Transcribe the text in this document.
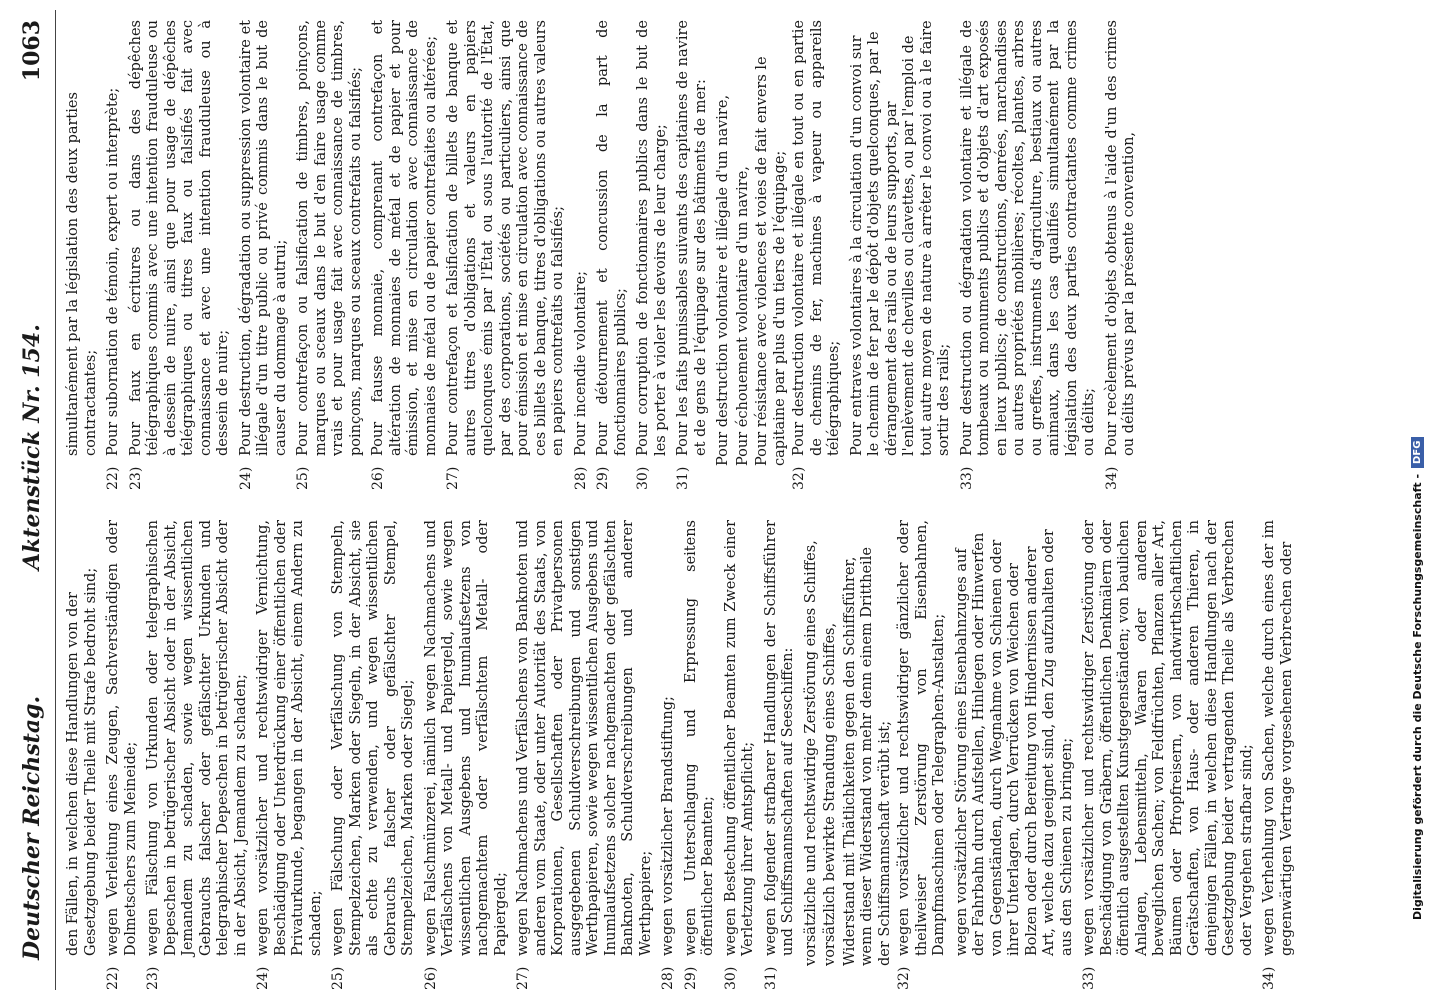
Deutscher Reichstag.
Aktenstück Nr. 154.
1063
den Fällen, in welchen diese Handlungen von der Gesetzgebung beider Theile mit Strafe bedroht sind;
22)
wegen Verleitung eines Zeugen, Sachverständigen oder Dolmetschers zum Meineide;
23)
wegen Fälschung von Urkunden oder telegraphischen Depeschen in betrügerischer Absicht oder in der Absicht, Jemandem zu schaden, sowie wegen wissentlichen Gebrauchs falscher oder gefälschter Urkunden und telegraphischer Depeschen in betrügerischer Absicht oder in der Absicht, Jemandem zu schaden;
24)
wegen vorsätzlicher und rechtswidriger Vernichtung, Beschädigung oder Unterdrückung einer öffentlichen oder Privaturkunde, begangen in der Absicht, einem Andern zu schaden;
25)
wegen Fälschung oder Verfälschung von Stempeln, Stempelzeichen, Marken oder Siegeln, in der Absicht, sie als echte zu verwenden, und wegen wissentlichen Gebrauchs falscher oder gefälschter Stempel, Stempelzeichen, Marken oder Siegel;
26)
wegen Falschmünzerei, nämlich wegen Nachmachens und Verfälschens von Metall- und Papiergeld, sowie wegen wissentlichen Ausgebens und Inumlaufsetzens von nachgemachtem oder verfälschtem Metall- oder Papiergeld;
27)
wegen Nachmachens und Verfälschens von Banknoten und anderen vom Staate, oder unter Autorität des Staats, von Korporationen, Gesellschaften oder Privatpersonen ausgegebenen Schuldverschreibungen und sonstigen Werthpapieren, sowie wegen wissentlichen Ausgebens und Inumlaufsetzens solcher nachgemachten oder gefälschten Banknoten, Schuldverschreibungen und anderer Werthpapiere;
28)
wegen vorsätzlicher Brandstiftung;
29)
wegen Unterschlagung und Erpressung seitens öffentlicher Beamten;
30)
wegen Bestechung öffentlicher Beamten zum Zweck einer Verletzung ihrer Amtspflicht;
31)
wegen folgender strafbarer Handlungen der Schiffsführer und Schiffsmannschaften auf Seeschiffen: vorsätzliche und rechtswidrige Zerstörung eines Schiffes, vorsätzlich bewirkte Strandung eines Schiffes, Widerstand mit Thätlichkeiten gegen den Schiffsführer, wenn dieser Widerstand von mehr denn einem Drittheile der Schiffsmannschaft verübt ist;
32)
wegen vorsätzlicher und rechtswidriger gänzlicher oder theilweiser Zerstörung von Eisenbahnen, Dampfmaschinen oder Telegraphen-Anstalten; wegen vorsätzlicher Störung eines Eisenbahnzuges auf der Fahrbahn durch Aufstellen, Hinlegen oder Hinwerfen von Gegenständen, durch Wegnahme von Schienen oder ihrer Unterlagen, durch Verrücken von Weichen oder Bolzen oder durch Bereitung von Hindernissen anderer Art, welche dazu geeignet sind, den Zug aufzuhalten oder aus den Schienen zu bringen;
33)
wegen vorsätzlicher und rechtswidriger Zerstörung oder Beschädigung von Gräbern, öffentlichen Denkmälern oder öffentlich ausgestellten Kunstgegenständen; von baulichen Anlagen, Lebensmitteln, Waaren oder anderen beweglichen Sachen; von Feldfrüchten, Pflanzen aller Art, Bäumen oder Pfropfreisern, von landwirthschaftlichen Gerätschaften, von Haus- oder anderen Thieren, in denjenigen Fällen, in welchen diese Handlungen nach der Gesetzgebung beider vertragenden Theile als Verbrechen oder Vergehen strafbar sind;
34)
wegen Verhehlung von Sachen, welche durch eines der im gegenwärtigen Vertrage vorgesehenen Verbrechen oder
simultanément par la législation des deux parties contractantes;
22)
Pour subornation de témoin, expert ou interprète;
23)
Pour faux en écritures ou dans des dépêches télégraphiques commis avec une intention frauduleuse ou à dessein de nuire, ainsi que pour usage de dépêches télégraphiques ou titres faux ou falsifiés fait avec connaissance et avec une intention frauduleuse ou à dessein de nuire;
24)
Pour destruction, dégradation ou suppression volontaire et illégale d'un titre public ou privé commis dans le but de causer du dommage à autrui;
25)
Pour contrefaçon ou falsification de timbres, poinçons, marques ou sceaux dans le but d'en faire usage comme vrais et pour usage fait avec connaissance de timbres, poinçons, marques ou sceaux contrefaits ou falsifiés;
26)
Pour fausse monnaie, comprenant contrefaçon et altération de monnaies de métal et de papier et pour émission, et mise en circulation avec connaissance de monnaies de métal ou de papier contrefaites ou altérées;
27)
Pour contrefaçon et falsification de billets de banque et autres titres d'obligations et valeurs en papiers quelconques émis par l'État ou sous l'autorité de l'État, par des corporations, sociétés ou particuliers, ainsi que pour émission et mise en circulation avec connaissance de ces billets de banque, titres d'obligations ou autres valeurs en papiers contrefaits ou falsifiés;
28)
Pour incendie volontaire;
29)
Pour détournement et concussion de la part de fonctionnaires publics;
30)
Pour corruption de fonctionnaires publics dans le but de les porter à violer les devoirs de leur charge;
31)
Pour les faits punissables suivants des capitaines de navire et de gens de l'équipage sur des bâtiments de mer: Pour destruction volontaire et illégale d'un navire, Pour échouement volontaire d'un navire, Pour résistance avec violences et voies de fait envers le capitaine par plus d'un tiers de l'équipage;
32)
Pour destruction volontaire et illégale en tout ou en partie de chemins de fer, machines à vapeur ou appareils télégraphiques; Pour entraves volontaires à la circulation d'un convoi sur le chemin de fer par le dépôt d'objets quelconques, par le dérangement des rails ou de leurs supports, par l'enlèvement de chevilles ou clavettes, ou par l'emploi de tout autre moyen de nature à arrêter le convoi ou à le faire sortir des rails;
33)
Pour destruction ou dégradation volontaire et illégale de tombeaux ou monuments publics et d'objets d'art exposés en lieux publics; de constructions, denrées, marchandises ou autres propriétés mobilières; récoltes, plantes, arbres ou greffes, instruments d'agriculture, bestiaux ou autres animaux, dans les cas qualifiés simultanément par la législation des deux parties contractantes comme crimes ou délits;
34)
Pour recèlement d'objets obtenus à l'aide d'un des crimes ou délits prévus par la présente convention,
Digitalisierung gefördert durch die Deutsche Forschungsgemeinschaft -
DFG
